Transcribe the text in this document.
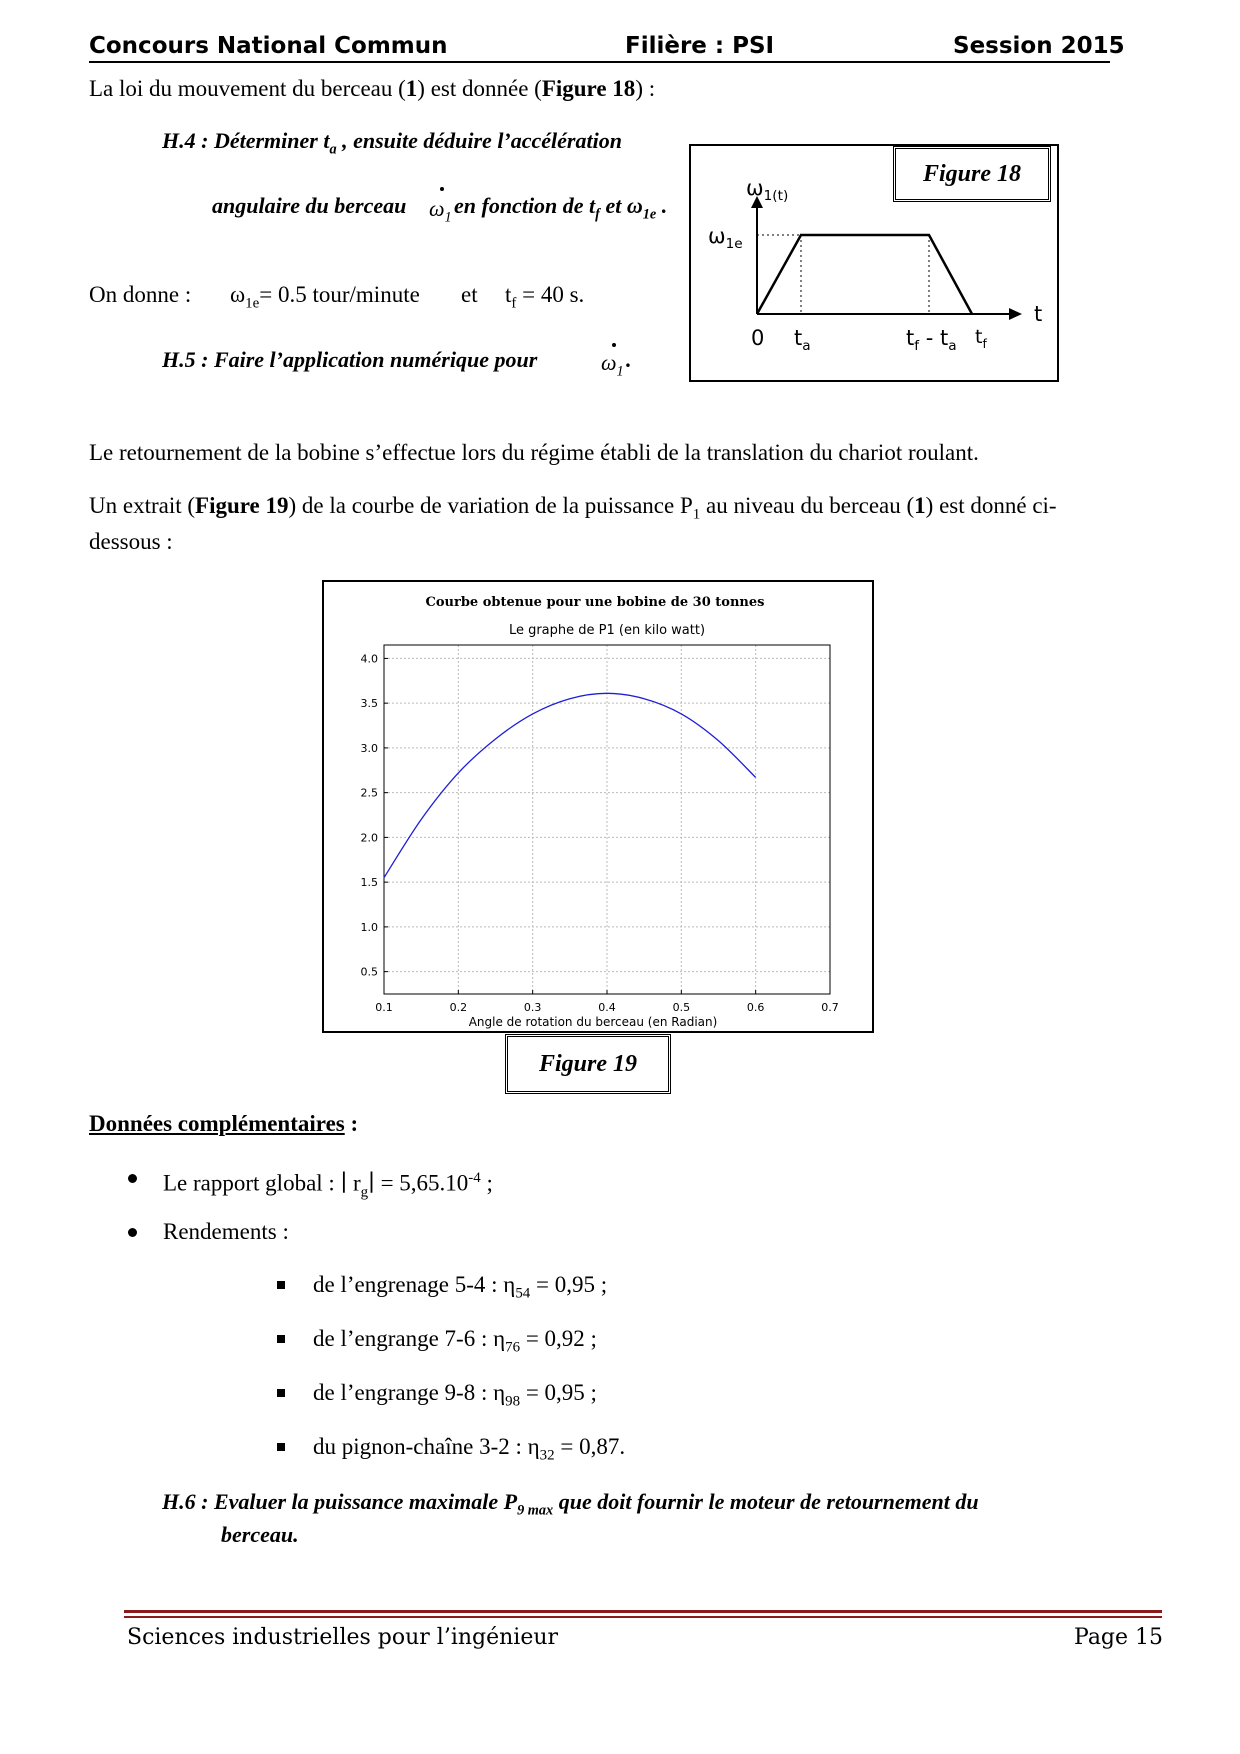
Concours National Commun	Filière : PSI	Session 2015
La loi du mouvement du berceau (1) est donnée (Figure 18) :
H.4 : Déterminer $t_a$ , ensuite déduire l’accélération
angulaire du berceau $\omega_1$ en fonction de $t_f$ et $\omega_{1e}$ .
On donne : $\omega_{1e}= 0.5$ tour/minute et $t_f = 40$ s.
H.5 : Faire l’application numérique pour	$\omega_1$ .
Figure 18
$\omega_{1(t)}$
$\omega_{1e}$
t
0 $t_a$	$t_f - t_a$ $t_f$
Le retournement de la bobine s’effectue lors du régime établi de la translation du chariot roulant.
Un extrait (Figure 19) de la courbe de variation de la puissance $P_1$ au niveau du berceau (1) est donné ci-
dessous :
Courbe obtenue pour une bobine de 30 tonnes
Le graphe de P1 (en kilo watt)
0.1	0.2	0.3	0.4	0.5	0.6	0.7
0.5
1.0
1.5
2.0
2.5
3.0
3.5
4.0
Angle de rotation du berceau (en Radian)
Figure 19
Données complémentaires :
Le rapport global : ∣ $r_g∣ = 5,65.10^{-4}$ ;
Rendements :
de l’engrenage 5-4 : $\eta_{54} = 0,95$ ;
de l’engrange 7-6 : $\eta_{76} = 0,92$ ;
de l’engrange 9-8 : $\eta_{98} = 0,95$ ;
du pignon-chaîne 3-2 : $\eta_{32} = 0,87$.
H.6 : Evaluer la puissance maximale $P_{9 max}$ que doit fournir le moteur de retournement du
berceau.
Sciences industrielles pour l’ingénieur	Page 15
